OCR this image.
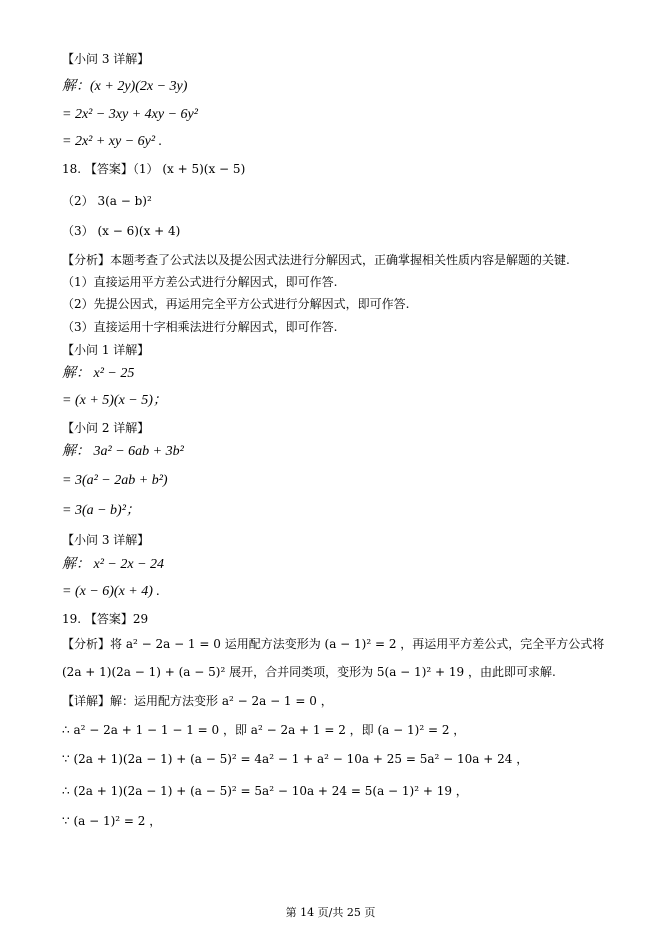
【小问 3 详解】
解：(x + 2y)(2x − 3y)
= 2x² − 3xy + 4xy − 6y²
= 2x² + xy − 6y² .
18. 【答案】（1） (x + 5)(x − 5)
（2） 3(a − b)²
（3） (x − 6)(x + 4)
【分析】本题考查了公式法以及提公因式法进行分解因式，正确掌握相关性质内容是解题的关键.
（1）直接运用平方差公式进行分解因式，即可作答.
（2）先提公因式，再运用完全平方公式进行分解因式，即可作答.
（3）直接运用十字相乘法进行分解因式，即可作答.
【小问 1 详解】
解： x² − 25
= (x + 5)(x − 5)；
【小问 2 详解】
解： 3a² − 6ab + 3b²
= 3(a² − 2ab + b²)
= 3(a − b)²；
【小问 3 详解】
解： x² − 2x − 24
= (x − 6)(x + 4) .
19. 【答案】29
【分析】将 a² − 2a − 1 = 0 运用配方法变形为 (a − 1)² = 2 ，再运用平方差公式，完全平方公式将
(2a + 1)(2a − 1) + (a − 5)² 展开，合并同类项，变形为 5(a − 1)² + 19 ，由此即可求解.
【详解】解：运用配方法变形 a² − 2a − 1 = 0 ，
∴ a² − 2a + 1 − 1 − 1 = 0 ，即 a² − 2a + 1 = 2 ，即 (a − 1)² = 2 ，
∵ (2a + 1)(2a − 1) + (a − 5)² = 4a² − 1 + a² − 10a + 25 = 5a² − 10a + 24 ，
∴ (2a + 1)(2a − 1) + (a − 5)² = 5a² − 10a + 24 = 5(a − 1)² + 19 ，
∵ (a − 1)² = 2 ，
第 14 页/共 25 页
